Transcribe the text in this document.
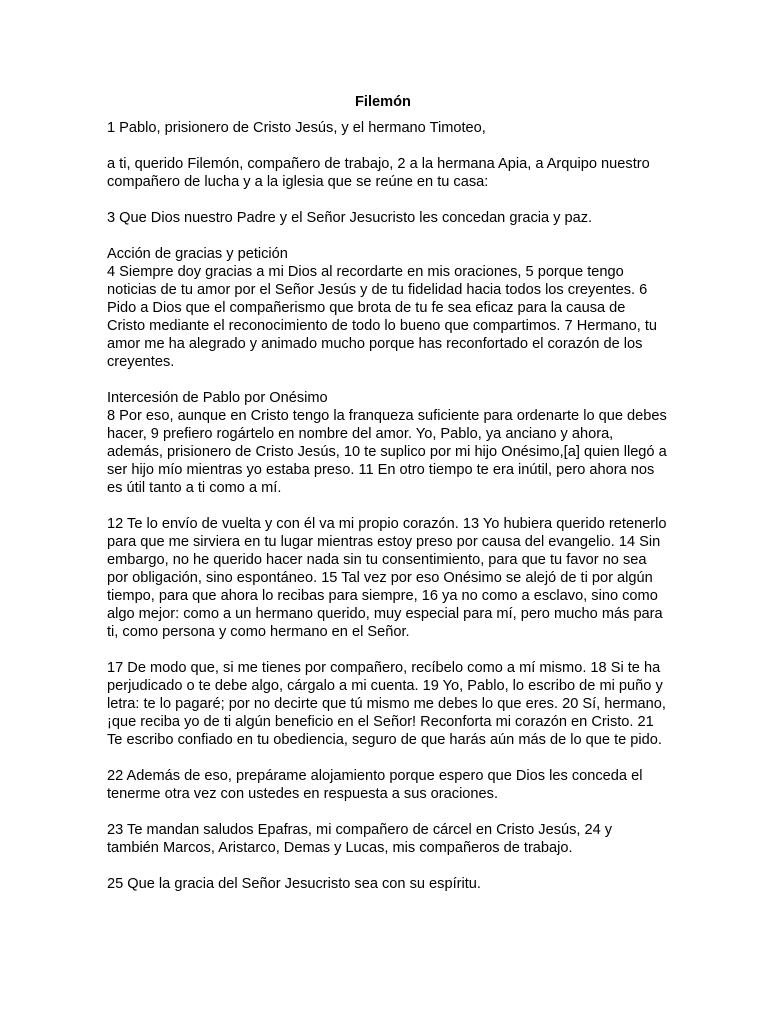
Filemón

1 Pablo, prisionero de Cristo Jesús, y el hermano Timoteo,

a ti, querido Filemón, compañero de trabajo, 2 a la hermana Apia, a Arquipo nuestro compañero de lucha y a la iglesia que se reúne en tu casa:

3 Que Dios nuestro Padre y el Señor Jesucristo les concedan gracia y paz.

Acción de gracias y petición
4 Siempre doy gracias a mi Dios al recordarte en mis oraciones, 5 porque tengo noticias de tu amor por el Señor Jesús y de tu fidelidad hacia todos los creyentes. 6 Pido a Dios que el compañerismo que brota de tu fe sea eficaz para la causa de Cristo mediante el reconocimiento de todo lo bueno que compartimos. 7 Hermano, tu amor me ha alegrado y animado mucho porque has reconfortado el corazón de los creyentes.
Intercesión de Pablo por Onésimo
8 Por eso, aunque en Cristo tengo la franqueza suficiente para ordenarte lo que debes hacer, 9 prefiero rogártelo en nombre del amor. Yo, Pablo, ya anciano y ahora, además, prisionero de Cristo Jesús, 10 te suplico por mi hijo Onésimo,[a] quien llegó a ser hijo mío mientras yo estaba preso. 11 En otro tiempo te era inútil, pero ahora nos es útil tanto a ti como a mí.

12 Te lo envío de vuelta y con él va mi propio corazón. 13 Yo hubiera querido retenerlo para que me sirviera en tu lugar mientras estoy preso por causa del evangelio. 14 Sin embargo, no he querido hacer nada sin tu consentimiento, para que tu favor no sea por obligación, sino espontáneo. 15 Tal vez por eso Onésimo se alejó de ti por algún tiempo, para que ahora lo recibas para siempre, 16 ya no como a esclavo, sino como algo mejor: como a un hermano querido, muy especial para mí, pero mucho más para ti, como persona y como hermano en el Señor.

17 De modo que, si me tienes por compañero, recíbelo como a mí mismo. 18 Si te ha perjudicado o te debe algo, cárgalo a mi cuenta. 19 Yo, Pablo, lo escribo de mi puño y letra: te lo pagaré; por no decirte que tú mismo me debes lo que eres. 20 Sí, hermano, ¡que reciba yo de ti algún beneficio en el Señor! Reconforta mi corazón en Cristo. 21 Te escribo confiado en tu obediencia, seguro de que harás aún más de lo que te pido.

22 Además de eso, prepárame alojamiento porque espero que Dios les conceda el tenerme otra vez con ustedes en respuesta a sus oraciones.

23 Te mandan saludos Epafras, mi compañero de cárcel en Cristo Jesús, 24 y también Marcos, Aristarco, Demas y Lucas, mis compañeros de trabajo.

25 Que la gracia del Señor Jesucristo sea con su espíritu.
